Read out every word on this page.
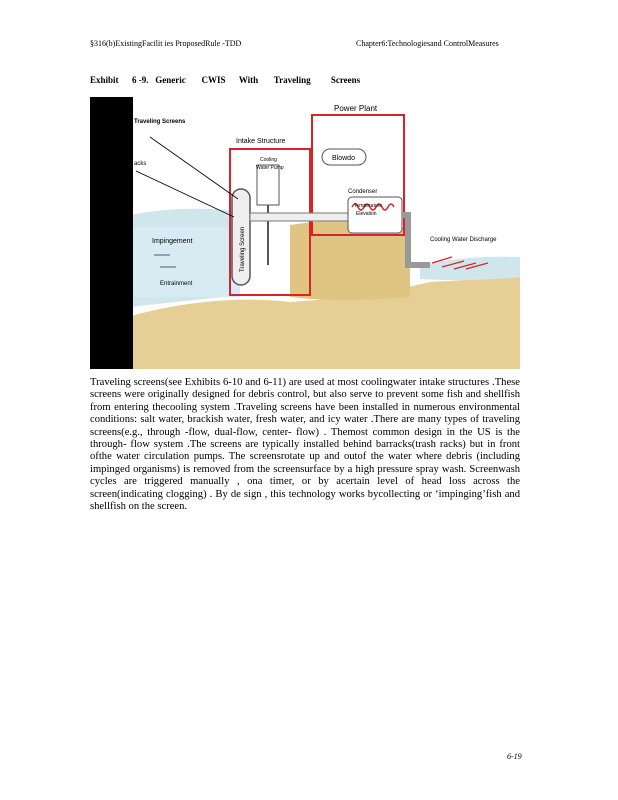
§316(b)ExistingFacilit ies ProposedRule -TDD	Chapter6:Technologiesand ControlMeasures
Exhibit      6 -9.   Generic       CWIS      With       Traveling         Screens
Traveling Screens
acks
Power Plant
Intake Structure
Cooling
Water Pump
Blowdo
Condenser
Temperature
Elevation
Traveling Screen
Impingement
Entrainment
Cooling Water Discharge
Traveling screens(see Exhibits 6-10 and 6-11) are used at most coolingwater intake structures .These screens were originally designed for debris control, but also serve to prevent some fish and shellfish from entering thecooling system .Traveling screens have been installed in numerous environmental conditions: salt water, brackish water, fresh water, and icy water .There are many types of traveling screens(e.g., through -flow, dual-flow, center- flow) . Themost common design in the US is the through- flow system .The screens are typically installed behind barracks(trash racks) but in front ofthe water circulation pumps. The screensrotate up and outof the water where debris (including impinged organisms) is removed from the screensurface by a high pressure spray wash. Screenwash cycles are triggered manually , ona timer, or by acertain level of head loss across the screen(indicating clogging) . By de sign , this technology works bycollecting or ‘impinging’fish and shellfish on the screen.
6-19
